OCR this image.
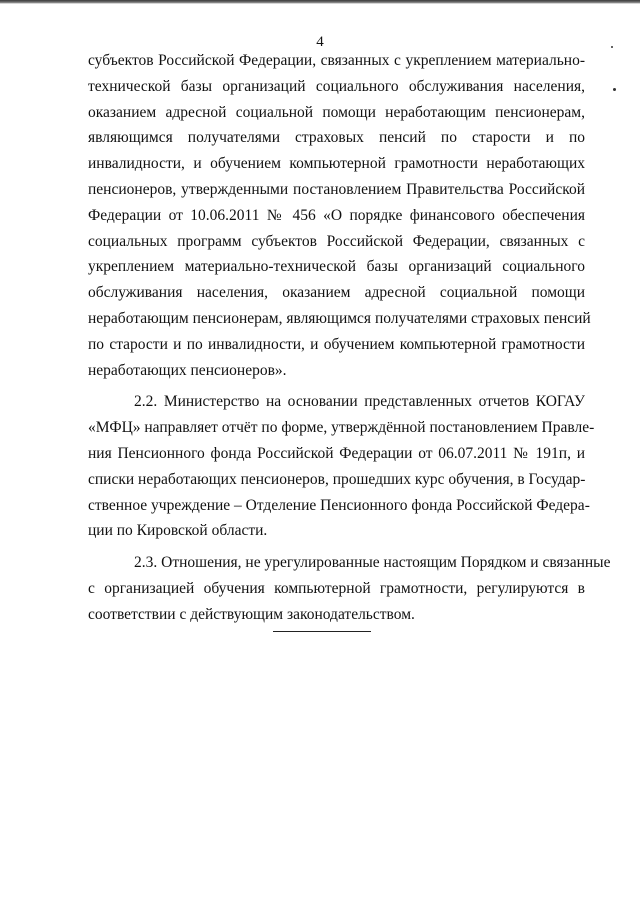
4

субъектов Российской Федерации, связанных с укреплением материально-
технической базы организаций социального обслуживания населения,
оказанием адресной социальной помощи неработающим пенсионерам,
являющимся получателями страховых пенсий по старости и по
инвалидности, и обучением компьютерной грамотности неработающих
пенсионеров, утвержденными постановлением Правительства Российской
Федерации от 10.06.2011 № 456 «О порядке финансового обеспечения
социальных программ субъектов Российской Федерации, связанных с
укреплением материально-технической базы организаций социального
обслуживания населения, оказанием адресной социальной помощи
неработающим пенсионерам, являющимся получателями страховых пенсий
по старости и по инвалидности, и обучением компьютерной грамотности
неработающих пенсионеров».

2.2. Министерство на основании представленных отчетов КОГАУ
«МФЦ» направляет отчёт по форме, утверждённой постановлением Правле-
ния Пенсионного фонда Российской Федерации от 06.07.2011 № 191п, и
списки неработающих пенсионеров, прошедших курс обучения, в Государ-
ственное учреждение – Отделение Пенсионного фонда Российской Федера-
ции по Кировской области.

2.3. Отношения, не урегулированные настоящим Порядком и связанные
с организацией обучения компьютерной грамотности, регулируются в
соответствии с действующим законодательством.
